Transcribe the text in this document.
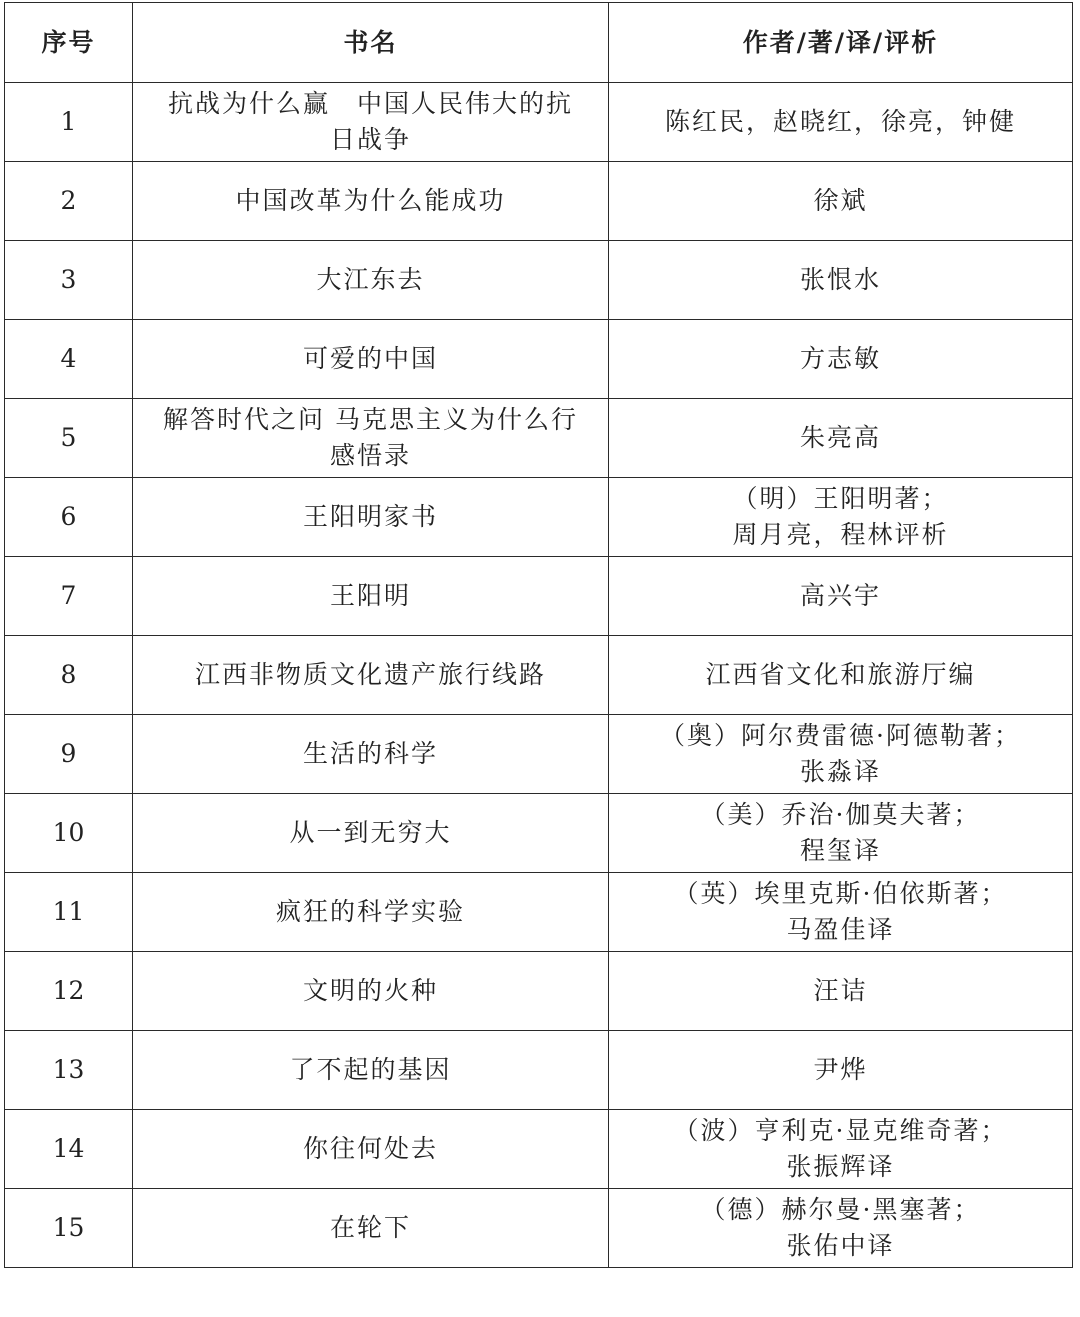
序号	书名	作者/著/译/评析
1	抗战为什么赢　中国人民伟大的抗
日战争	陈红民，赵晓红，徐亮，钟健

2	中国改革为什么能成功	徐斌

3	大江东去	张恨水

4	可爱的中国	方志敏

5	解答时代之问 马克思主义为什么行
感悟录	朱亮高

6	王阳明家书	（明）王阳明著；
周月亮，程林评析

7	王阳明	高兴宇

8	江西非物质文化遗产旅行线路	江西省文化和旅游厅编

9	生活的科学	（奥）阿尔费雷德·阿德勒著；
张淼译

10	从一到无穷大	（美）乔治·伽莫夫著；
程玺译

11	疯狂的科学实验	（英）埃里克斯·伯依斯著；
马盈佳译

12	文明的火种	汪诘

13	了不起的基因	尹烨

14	你往何处去	（波）亨利克·显克维奇著；
张振辉译

15	在轮下	（德）赫尔曼·黑塞著；
张佑中译
